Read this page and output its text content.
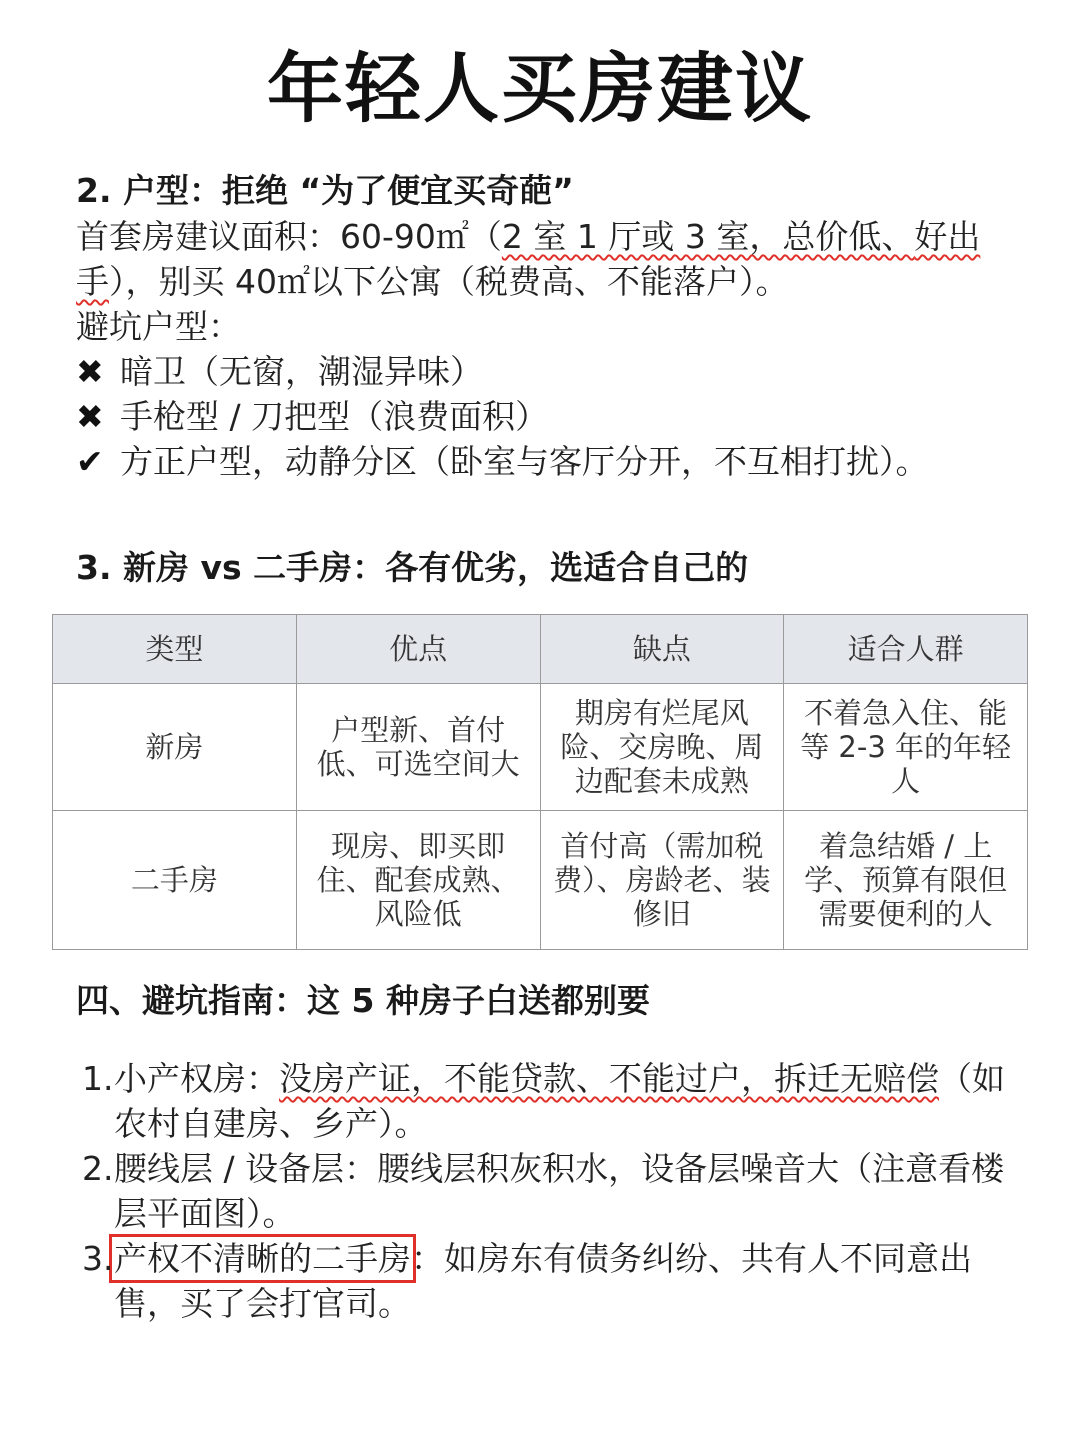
年轻人买房建议
2. 户型：拒绝 “为了便宜买奇葩”
首套房建议面积：60-90㎡（2 室 1 厅或 3 室，总价低、好出手），别买 40㎡以下公寓（税费高、不能落户）。
避坑户型：
✖ 暗卫（无窗，潮湿异味）
✖ 手枪型 / 刀把型（浪费面积）
✔ 方正户型，动静分区（卧室与客厅分开，不互相打扰）。
3. 新房 vs 二手房：各有优劣，选适合自己的
类型	优点	缺点	适合人群
新房	户型新、首付低、可选空间大	期房有烂尾风险、交房晚、周边配套未成熟	不着急入住、能等 2-3 年的年轻人
二手房	现房、即买即住、配套成熟、风险低	首付高（需加税费）、房龄老、装修旧	着急结婚 / 上学、预算有限但需要便利的人
四、避坑指南：这 5 种房子白送都别要
1. 小产权房：没房产证，不能贷款、不能过户，拆迁无赔偿（如农村自建房、乡产）。
2. 腰线层 / 设备层：腰线层积灰积水，设备层噪音大（注意看楼层平面图）。
3. 产权不清晰的二手房：如房东有债务纠纷、共有人不同意出售，买了会打官司。
